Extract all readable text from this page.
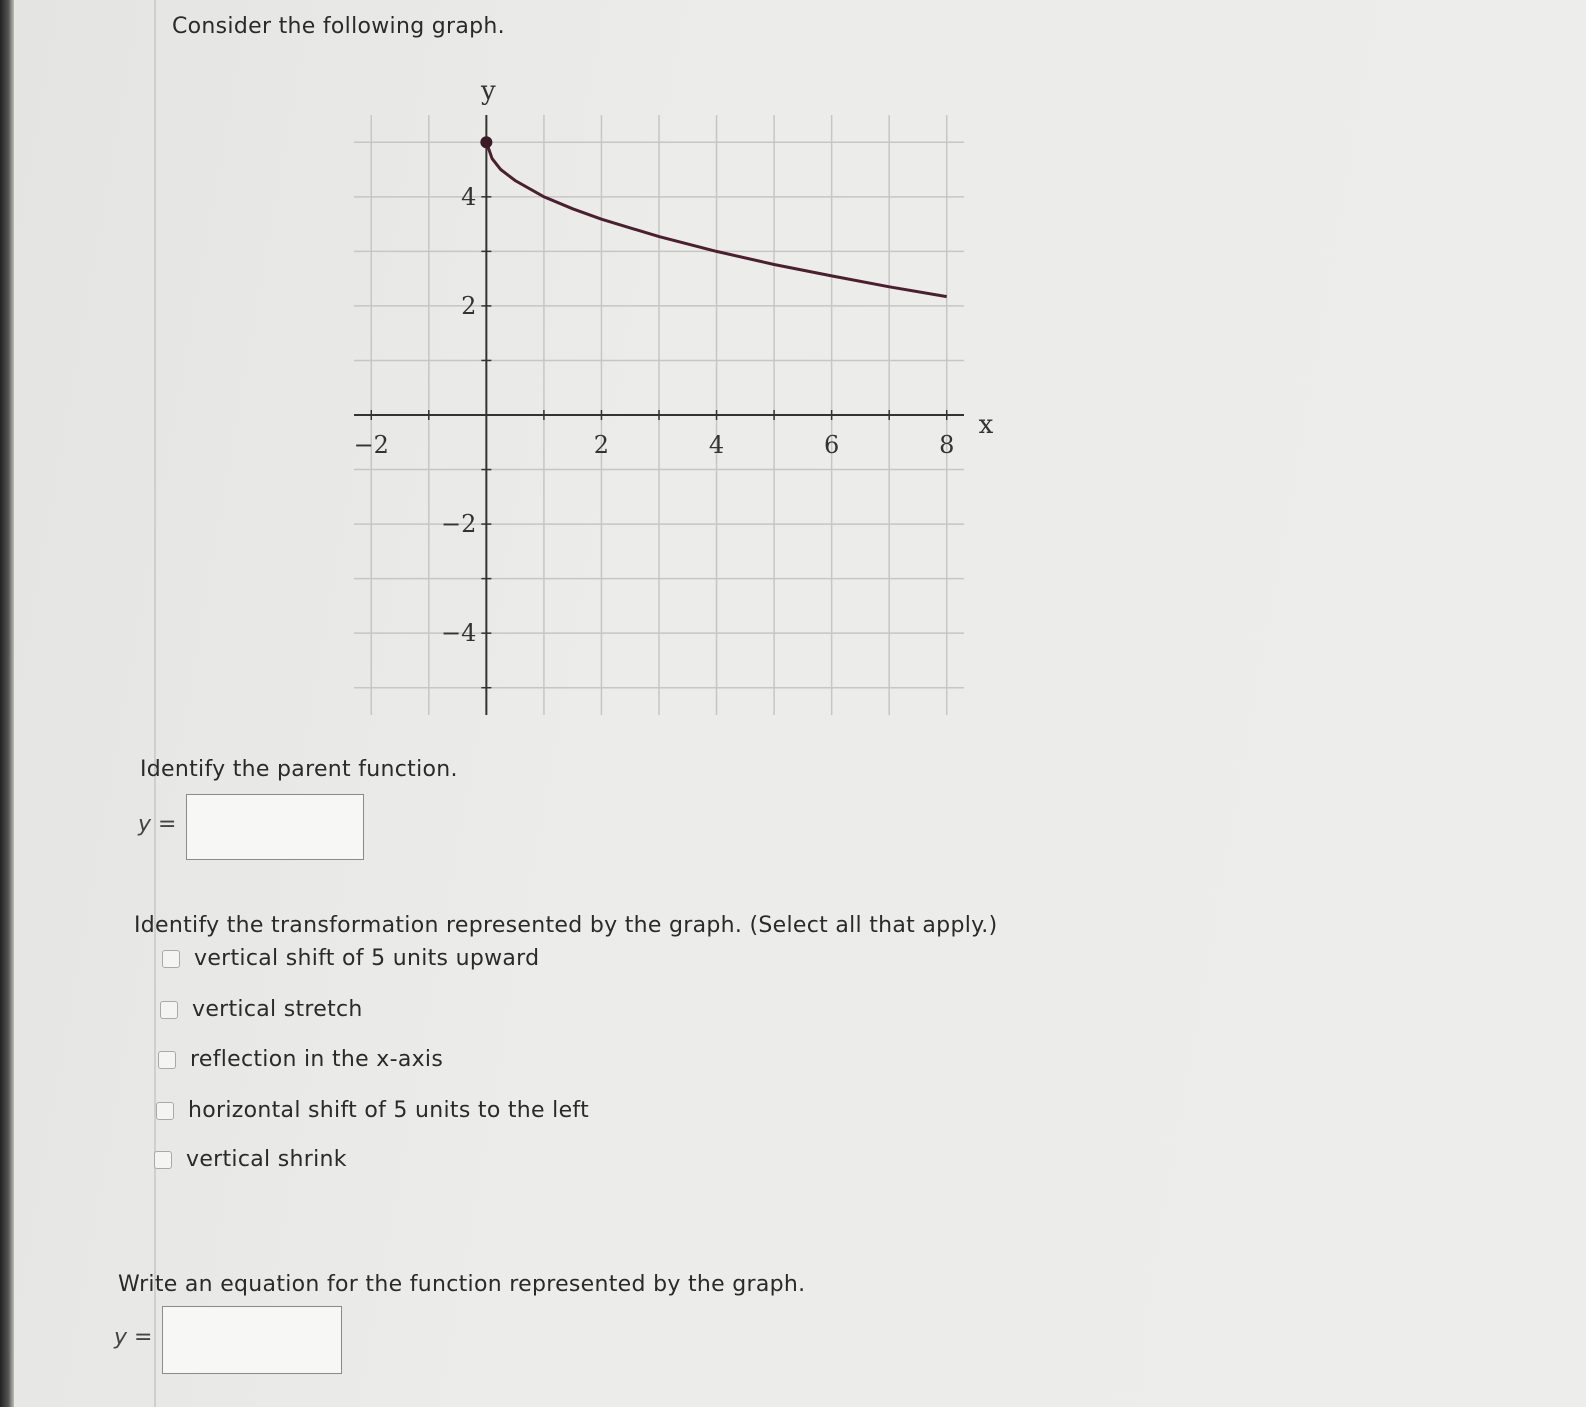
Consider the following graph.
−2	2	4	6	8
4
2
−2
−4
y
x
Identify the parent function.
y =
Identify the transformation represented by the graph. (Select all that apply.)
vertical shift of 5 units upward
vertical stretch
reflection in the x-axis
horizontal shift of 5 units to the left
vertical shrink
Write an equation for the function represented by the graph.
y =
